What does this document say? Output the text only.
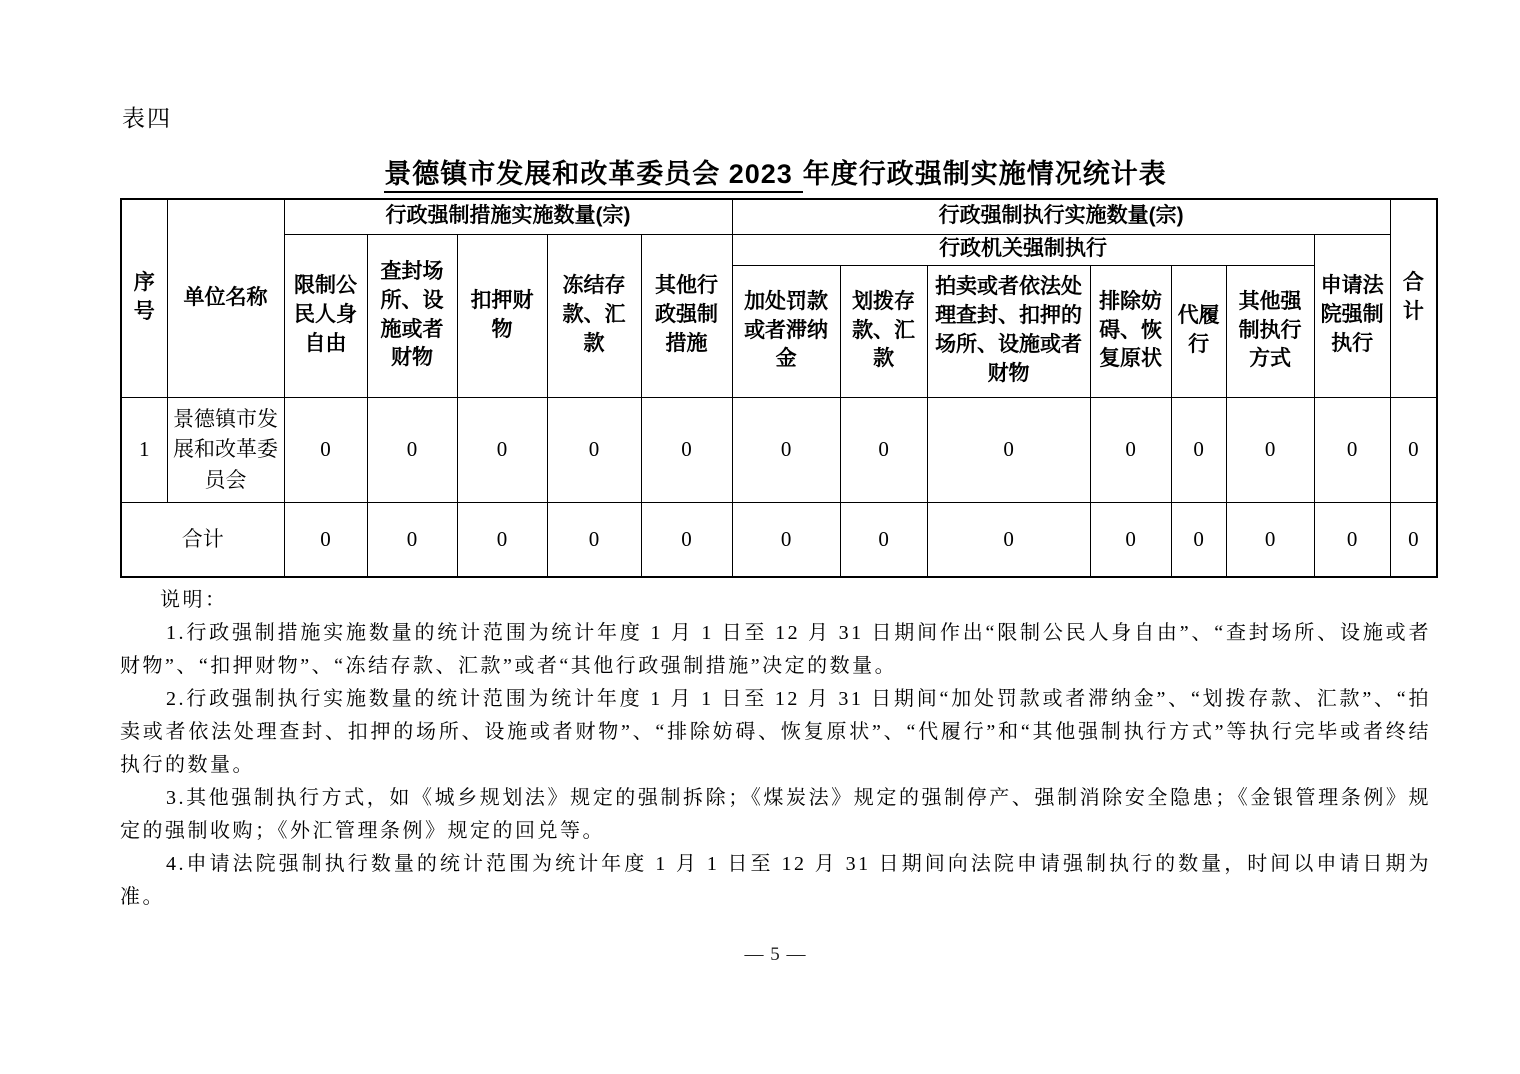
表四
景德镇市发展和改革委员会 2023 年度行政强制实施情况统计表
序号	单位名称	行政强制措施实施数量(宗)					行政强制执行实施数量(宗)							合计
		限制公民人身自由	查封场所、设施或者财物	扣押财物	冻结存款、汇款	其他行政强制措施	行政机关强制执行						申请法院强制执行	
							加处罚款或者滞纳金	划拨存款、汇款	拍卖或者依法处理查封、扣押的场所、设施或者财物	排除妨碍、恢复原状	代履行	其他强制执行方式		
1	景德镇市发展和改革委员会	0	0	0	0	0	0	0	0	0	0	0	0	0
合计		0	0	0	0	0	0	0	0	0	0	0	0	0
说明：

1.行政强制措施实施数量的统计范围为统计年度 1 月 1 日至 12 月 31 日期间作出“限制公民人身自由”、“查封场所、设施或者财物”、“扣押财物”、“冻结存款、汇款”或者“其他行政强制措施”决定的数量。

2.行政强制执行实施数量的统计范围为统计年度 1 月 1 日至 12 月 31 日期间“加处罚款或者滞纳金”、“划拨存款、汇款”、“拍卖或者依法处理查封、扣押的场所、设施或者财物”、“排除妨碍、恢复原状”、“代履行”和“其他强制执行方式”等执行完毕或者终结执行的数量。

3.其他强制执行方式，如《城乡规划法》规定的强制拆除；《煤炭法》规定的强制停产、强制消除安全隐患；《金银管理条例》规定的强制收购；《外汇管理条例》规定的回兑等。

4.申请法院强制执行数量的统计范围为统计年度 1 月 1 日至 12 月 31 日期间向法院申请强制执行的数量，时间以申请日期为准。

— 5 —
